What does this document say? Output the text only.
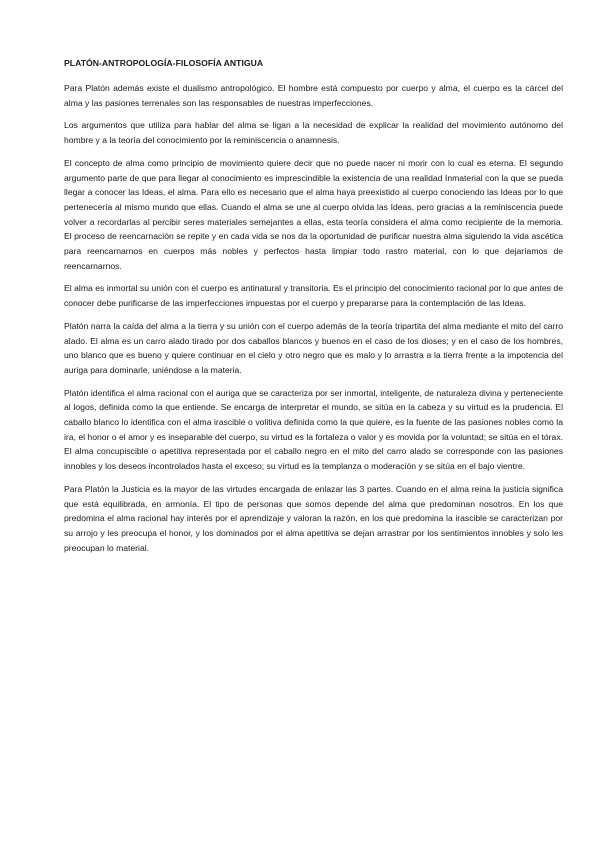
PLATÓN-ANTROPOLOGÍA-FILOSOFÍA ANTIGUA

Para Platón además existe el dualismo antropológico. El hombre está compuesto por cuerpo y alma, el cuerpo es la cárcel del alma y las pasiones terrenales son las responsables de nuestras imperfecciones.

Los argumentos que utiliza para hablar del alma se ligan a la necesidad de explicar la realidad del movimiento autónomo del hombre y a la teoría del conocimiento por la reminiscencia o anamnesis.

El concepto de alma como principio de movimiento quiere decir que no puede nacer ni morir con lo cual es eterna. El segundo argumento parte de que para llegar al conocimiento es imprescindible la existencia de una realidad Inmaterial con la que se pueda llegar a conocer las Ideas, el alma. Para ello es necesario que el alma haya preexistido al cuerpo conociendo las Ideas por lo que pertenecería al mismo mundo que ellas. Cuando el alma se une al cuerpo olvida las Ideas, pero gracias a la reminiscencia puede volver a recordarlas al percibir seres materiales semejantes a ellas, esta teoría considera el alma como recipiente de la memoria. El proceso de reencarnación se repite y en cada vida se nos da la oportunidad de purificar nuestra alma siguiendo la vida ascética para reencarnarnos en cuerpos más nobles y perfectos hasta limpiar todo rastro material, con lo que dejaríamos de reencarnarnos.

El alma es inmortal su unión con el cuerpo es antinatural y transitoria. Es el principio del conocimiento racional por lo que antes de conocer debe purificarse de las imperfecciones impuestas por el cuerpo y prepararse para la contemplación de las Ideas.

Platón narra la caída del alma a la tierra y su unión con el cuerpo además de la teoría tripartita del alma mediante el mito del carro alado. El alma es un carro alado tirado por dos caballos blancos y buenos en el caso de los dioses; y en el caso de los hombres, uno blanco que es bueno y quiere continuar en el cielo y otro negro que es malo y lo arrastra a la tierra frente a la impotencia del auriga para dominarle, uniéndose a la materia.

Platón identifica el alma racional con el auriga que se caracteriza por ser inmortal, inteligente, de naturaleza divina y perteneciente al logos, definida como la que entiende. Se encarga de interpretar el mundo, se sitúa en la cabeza y su virtud es la prudencia. El caballo blanco lo identifica con el alma irascible o volitiva definida como la que quiere, es la fuente de las pasiones nobles como la ira, el honor o el amor y es inseparable del cuerpo, su virtud es la fortaleza o valor y es movida por la voluntad; se sitúa en el tórax. El alma concupiscible o apetitiva representada por el caballo negro en el mito del carro alado se corresponde con las pasiones innobles y los deseos incontrolados hasta el exceso; su virtud es la templanza o moderación y se sitúa en el bajo vientre.

Para Platón la Justicia es la mayor de las virtudes encargada de enlazar las 3 partes. Cuando en el alma reina la justicia significa que está equilibrada, en armonía. El tipo de personas que somos depende del alma que predominan nosotros. En los que predomina el alma racional hay interés por el aprendizaje y valoran la razón, en los que predomina la irascible se caracterizan por su arrojo y les preocupa el honor, y los dominados por el alma apetitiva se dejan arrastrar por los sentimientos innobles y solo les preocupan lo material.
